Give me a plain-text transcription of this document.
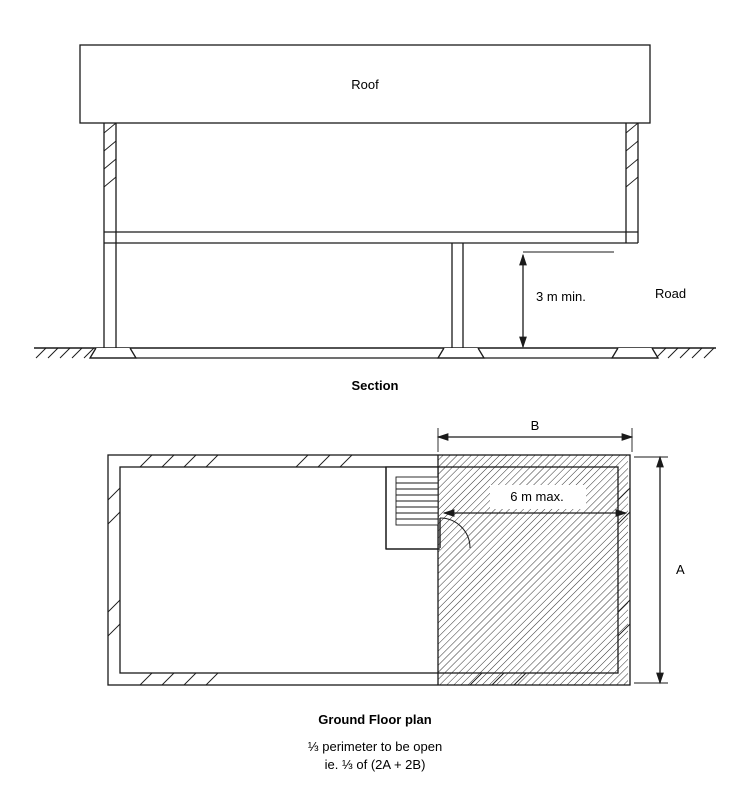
Roof
Road
3 m min.
Section
B
A
6 m max.
Ground Floor plan
⅓ perimeter to be open
ie. ⅓ of (2A + 2B)
